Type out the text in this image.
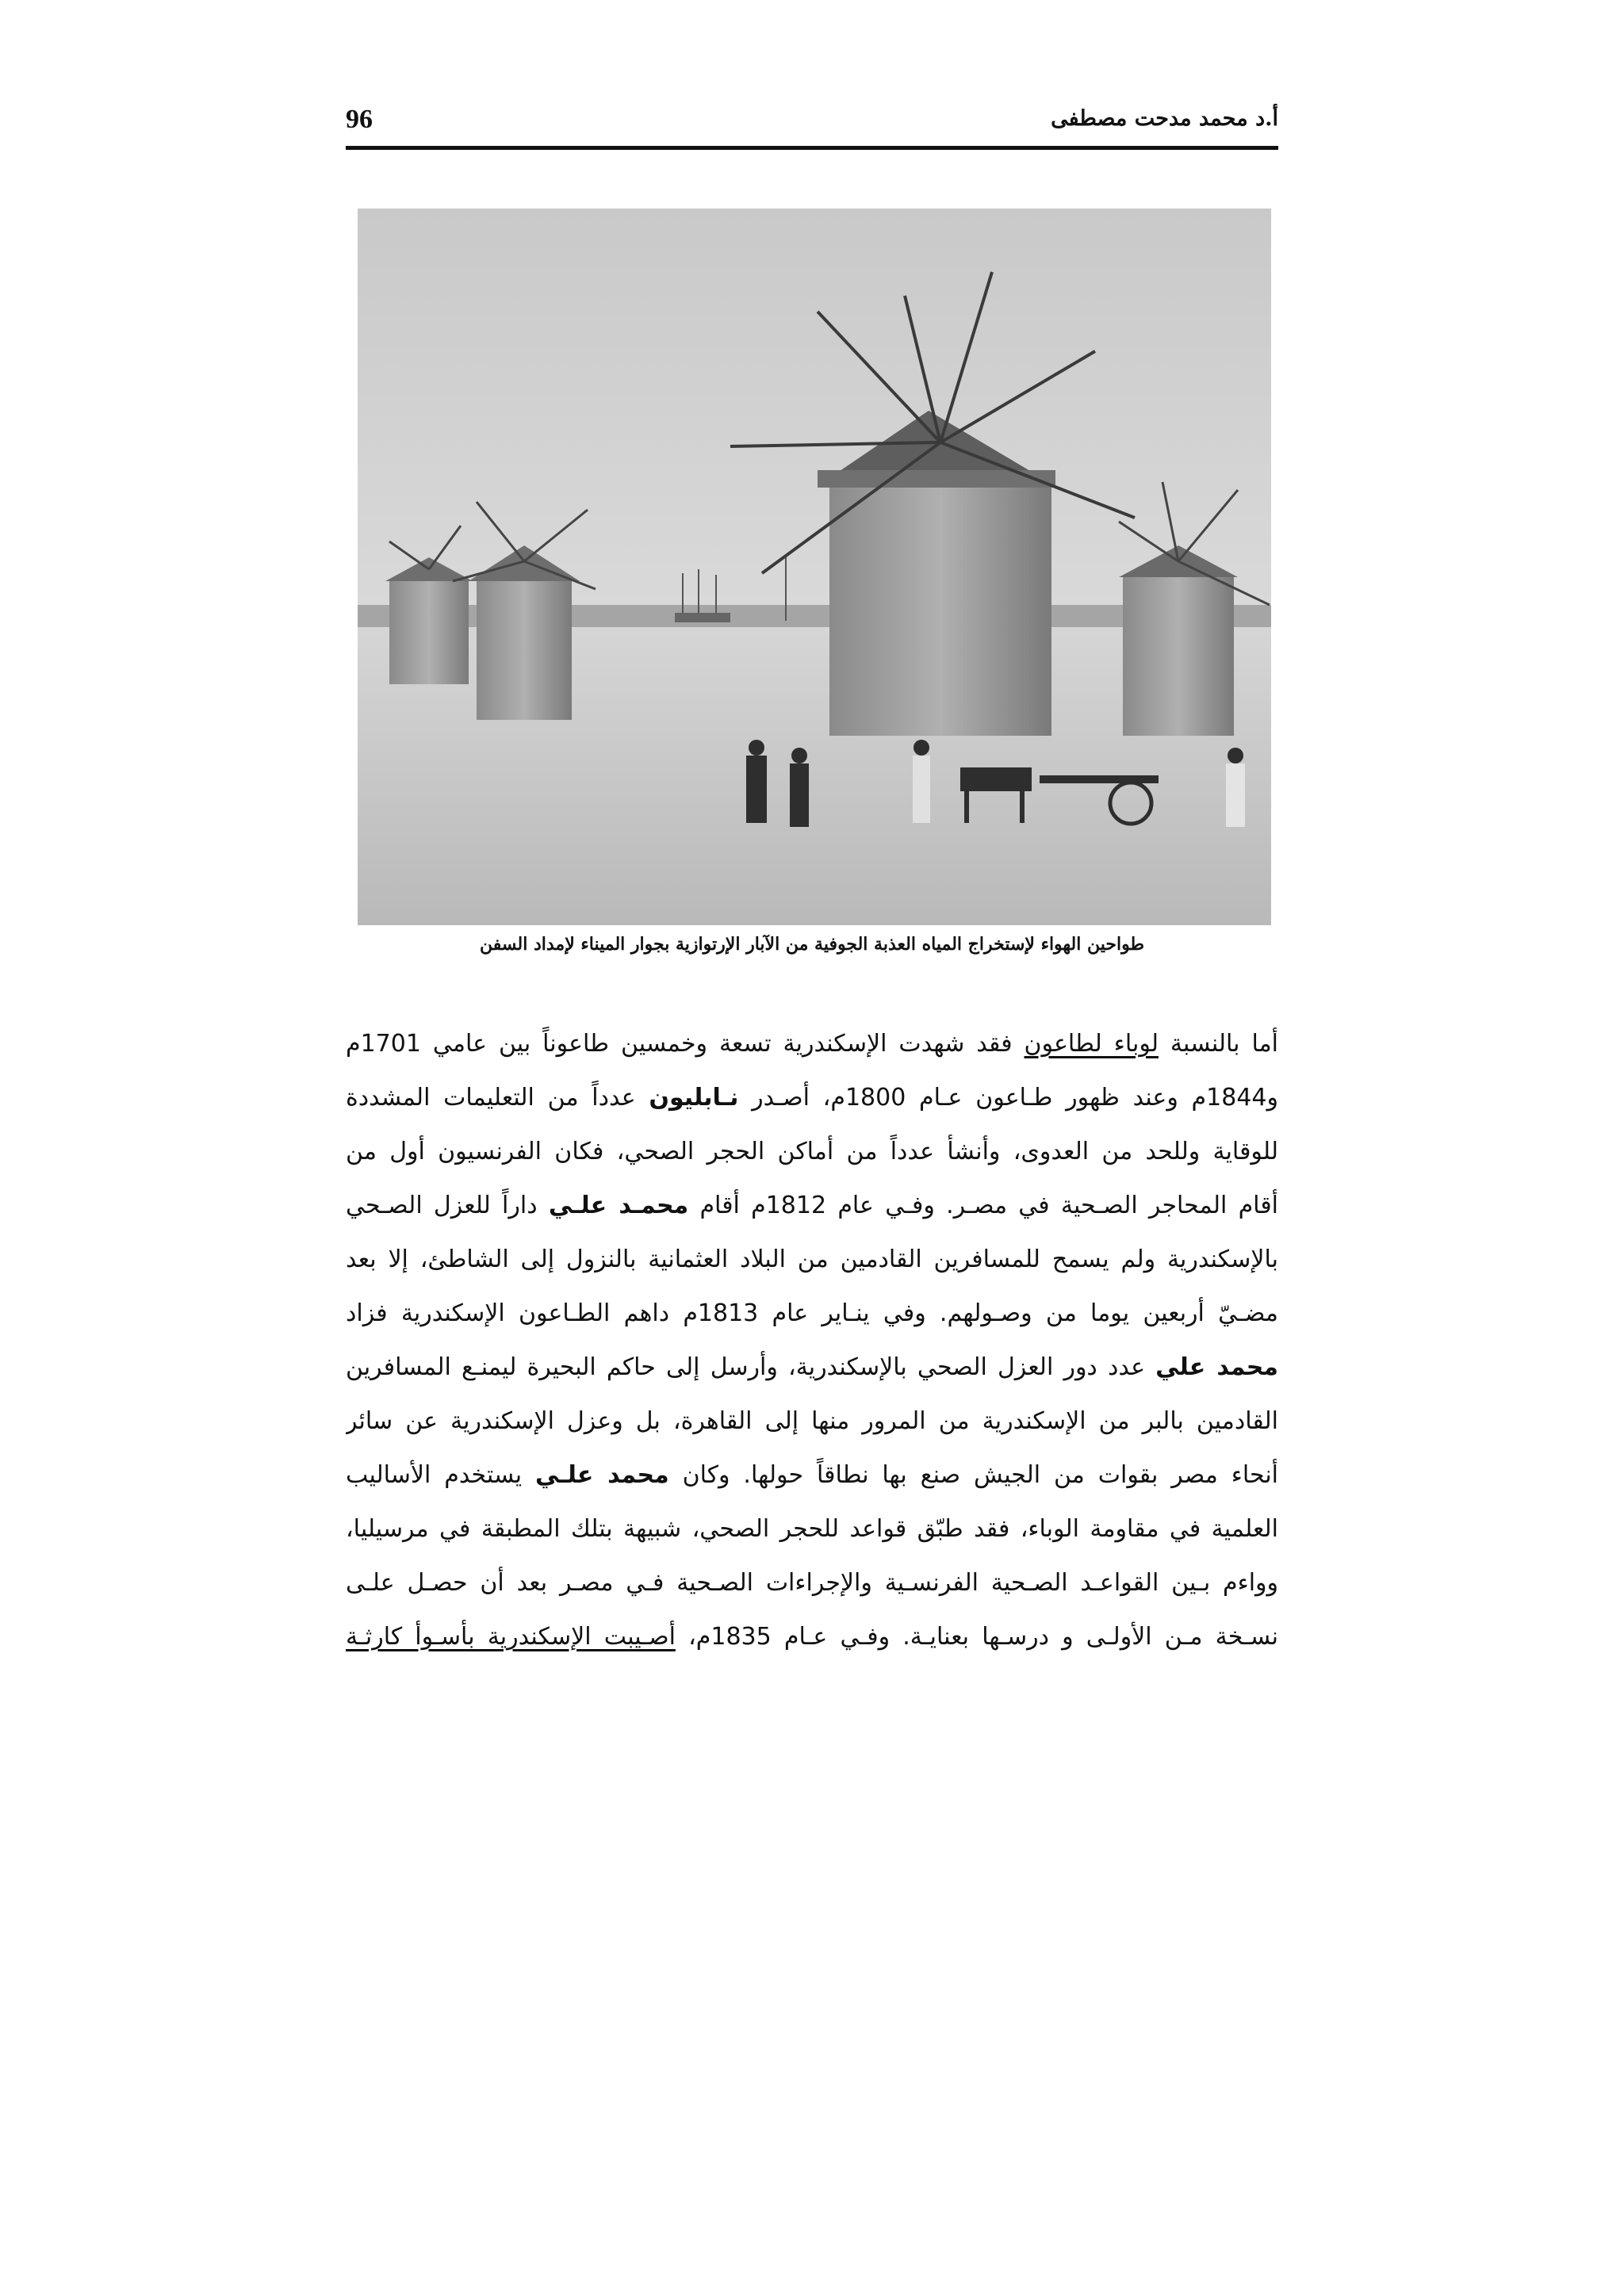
96	أ.د محمد مدحت مصطفى
طواحين الهواء لإستخراج المياه العذبة الجوفية من الآبار الإرتوازية بجوار الميناء لإمداد السفن
أما بالنسبة لوباء لطاعون فقد شهدت الإسكندرية تسعة وخمسين طاعوناً بين عامي 1701م
و1844م وعند ظهور طـاعون عـام 1800م، أصـدر نـابليون عدداً من التعليمات المشددة
للوقاية وللحد من العدوى، وأنشأ عدداً من أماكن الحجر الصحي، فكان الفرنسيون أول من
أقام المحاجر الصـحية في مصـر. وفـي عام 1812م أقام محمـد علـي داراً للعزل الصـحي
بالإسكندرية ولم يسمح للمسافرين القادمين من البلاد العثمانية بالنزول إلى الشاطئ، إلا بعد
مضـيّ أربعين يوما من وصـولهم. وفي ينـاير عام 1813م داهم الطـاعون الإسكندرية فزاد
محمد علي عدد دور العزل الصحي بالإسكندرية، وأرسل إلى حاكم البحيرة ليمنـع المسافرين
القادمين بالبر من الإسكندرية من المرور منها إلى القاهرة، بل وعزل الإسكندرية عن سائر
أنحاء مصر بقوات من الجيش صنع بها نطاقاً حولها. وكان محمد علـي يستخدم الأساليب
العلمية في مقاومة الوباء، فقد طبّق قواعد للحجر الصحي، شبيهة بتلك المطبقة في مرسيليا،
وواءم بـين القواعـد الصـحية الفرنسـية والإجراءات الصـحية فـي مصـر بعد أن حصـل علـى
نسـخة مـن الأولـى و درسـها بعنايـة. وفـي عـام 1835م، أصـيبت الإسكندرية بأسـوأ كارثـة
